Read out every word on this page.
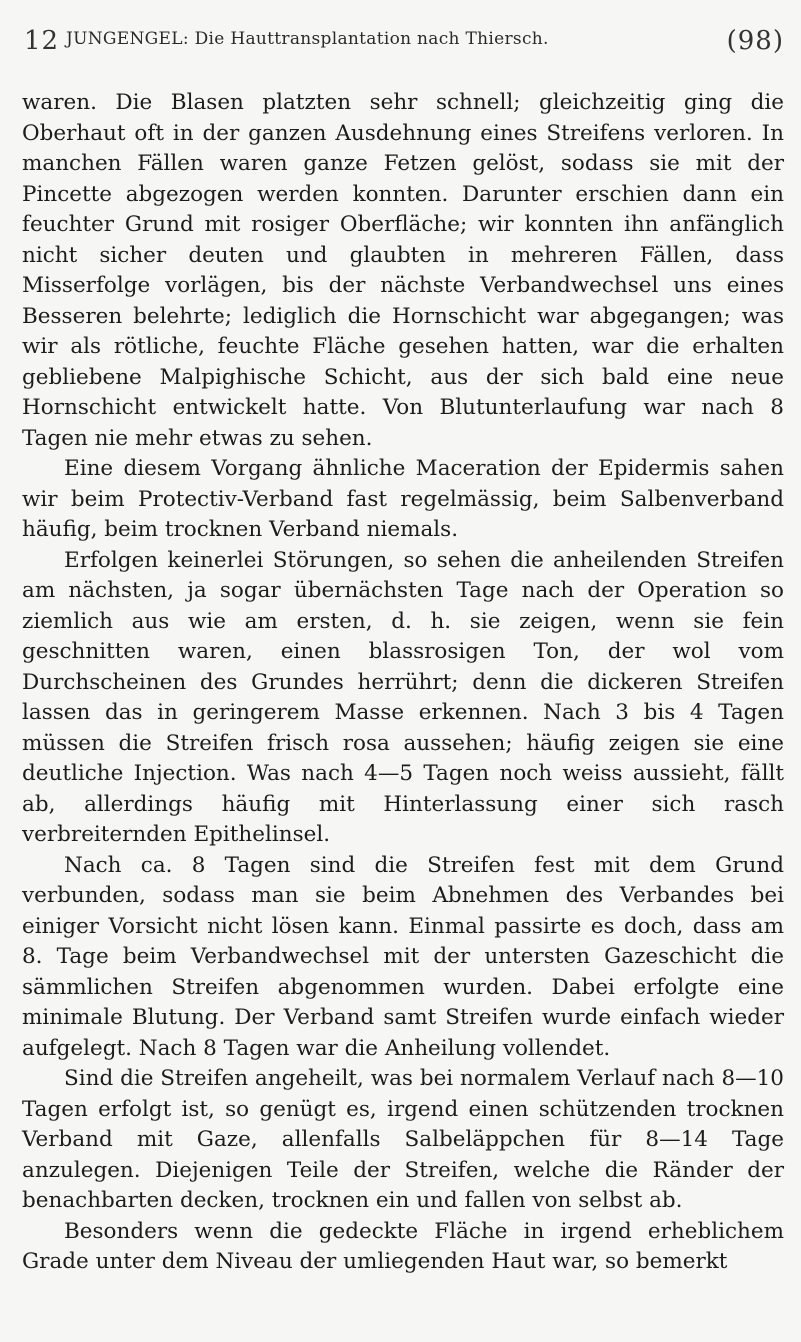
12 JUNGENGEL: Die Hauttransplantation nach Thiersch.	(98)

waren. Die Blasen platzten sehr schnell; gleichzeitig ging die Oberhaut oft in der ganzen Ausdehnung eines Streifens verloren. In manchen Fällen waren ganze Fetzen gelöst, sodass sie mit der Pincette abgezogen werden konnten. Darunter erschien dann ein feuchter Grund mit rosiger Oberfläche; wir konnten ihn anfänglich nicht sicher deuten und glaubten in mehreren Fällen, dass Misserfolge vorlägen, bis der nächste Verbandwechsel uns eines Besseren belehrte; lediglich die Hornschicht war abgegangen; was wir als rötliche, feuchte Fläche gesehen hatten, war die erhalten gebliebene Malpighische Schicht, aus der sich bald eine neue Hornschicht entwickelt hatte. Von Blutunterlaufung war nach 8 Tagen nie mehr etwas zu sehen.

Eine diesem Vorgang ähnliche Maceration der Epidermis sahen wir beim Protectiv-Verband fast regelmässig, beim Salbenverband häufig, beim trocknen Verband niemals.

Erfolgen keinerlei Störungen, so sehen die anheilenden Streifen am nächsten, ja sogar übernächsten Tage nach der Operation so ziemlich aus wie am ersten, d. h. sie zeigen, wenn sie fein geschnitten waren, einen blassrosigen Ton, der wol vom Durchscheinen des Grundes herrührt; denn die dickeren Streifen lassen das in geringerem Masse erkennen. Nach 3 bis 4 Tagen müssen die Streifen frisch rosa aussehen; häufig zeigen sie eine deutliche Injection. Was nach 4—5 Tagen noch weiss aussieht, fällt ab, allerdings häufig mit Hinterlassung einer sich rasch verbreiternden Epithelinsel.

Nach ca. 8 Tagen sind die Streifen fest mit dem Grund verbunden, sodass man sie beim Abnehmen des Verbandes bei einiger Vorsicht nicht lösen kann. Einmal passirte es doch, dass am 8. Tage beim Verbandwechsel mit der untersten Gazeschicht die sämmlichen Streifen abgenommen wurden. Dabei erfolgte eine minimale Blutung. Der Verband samt Streifen wurde einfach wieder aufgelegt. Nach 8 Tagen war die Anheilung vollendet.

Sind die Streifen angeheilt, was bei normalem Verlauf nach 8—10 Tagen erfolgt ist, so genügt es, irgend einen schützenden trocknen Verband mit Gaze, allenfalls Salbeläppchen für 8—14 Tage anzulegen. Diejenigen Teile der Streifen, welche die Ränder der benachbarten decken, trocknen ein und fallen von selbst ab.

Besonders wenn die gedeckte Fläche in irgend erheblichem Grade unter dem Niveau der umliegenden Haut war, so bemerkt
